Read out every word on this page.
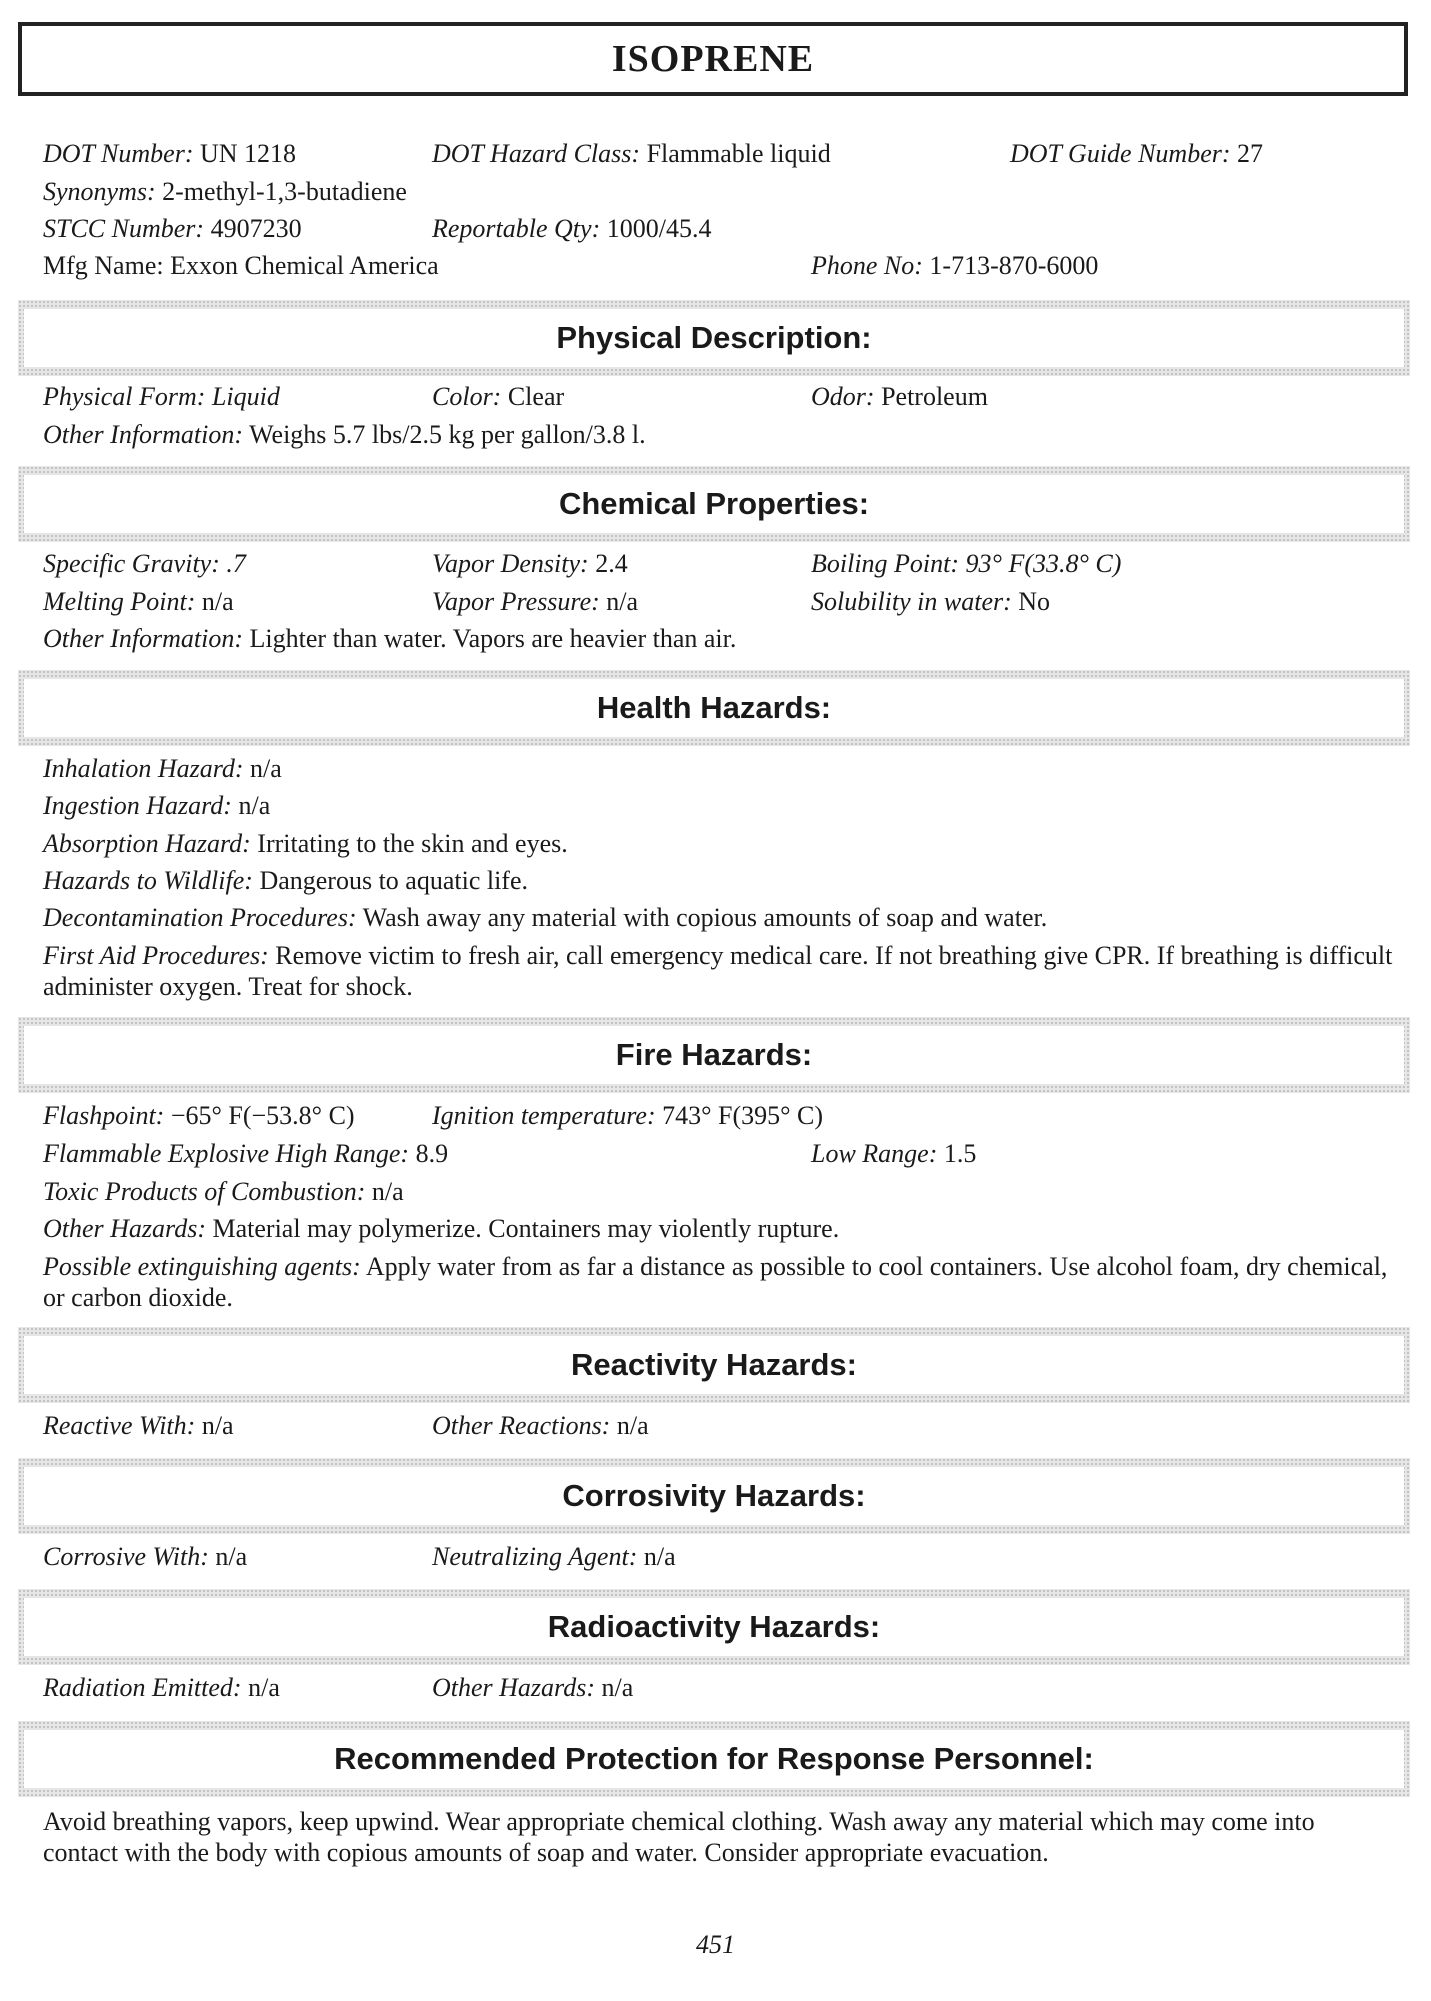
ISOPRENE
DOT Number: UN 1218	DOT Hazard Class: Flammable liquid	DOT Guide Number: 27
Synonyms: 2-methyl-1,3-butadiene
STCC Number: 4907230	Reportable Qty: 1000/45.4
Mfg Name: Exxon Chemical America	Phone No: 1-713-870-6000
Physical Description:
Physical Form: Liquid	Color: Clear	Odor: Petroleum
Other Information: Weighs 5.7 lbs/2.5 kg per gallon/3.8 l.
Chemical Properties:
Specific Gravity: .7	Vapor Density: 2.4	Boiling Point: 93° F(33.8° C)
Melting Point: n/a	Vapor Pressure: n/a	Solubility in water: No
Other Information: Lighter than water. Vapors are heavier than air.
Health Hazards:
Inhalation Hazard: n/a
Ingestion Hazard: n/a
Absorption Hazard: Irritating to the skin and eyes.
Hazards to Wildlife: Dangerous to aquatic life.
Decontamination Procedures: Wash away any material with copious amounts of soap and water.
First Aid Procedures: Remove victim to fresh air, call emergency medical care. If not breathing give CPR. If breathing is difficult administer oxygen. Treat for shock.
Fire Hazards:
Flashpoint: −65° F(−53.8° C)	Ignition temperature: 743° F(395° C)
Flammable Explosive High Range: 8.9	Low Range: 1.5
Toxic Products of Combustion: n/a
Other Hazards: Material may polymerize. Containers may violently rupture.
Possible extinguishing agents: Apply water from as far a distance as possible to cool containers. Use alcohol foam, dry chemical, or carbon dioxide.
Reactivity Hazards:
Reactive With: n/a	Other Reactions: n/a
Corrosivity Hazards:
Corrosive With: n/a	Neutralizing Agent: n/a
Radioactivity Hazards:
Radiation Emitted: n/a	Other Hazards: n/a
Recommended Protection for Response Personnel:
Avoid breathing vapors, keep upwind. Wear appropriate chemical clothing. Wash away any material which may come into contact with the body with copious amounts of soap and water. Consider appropriate evacuation.
451
